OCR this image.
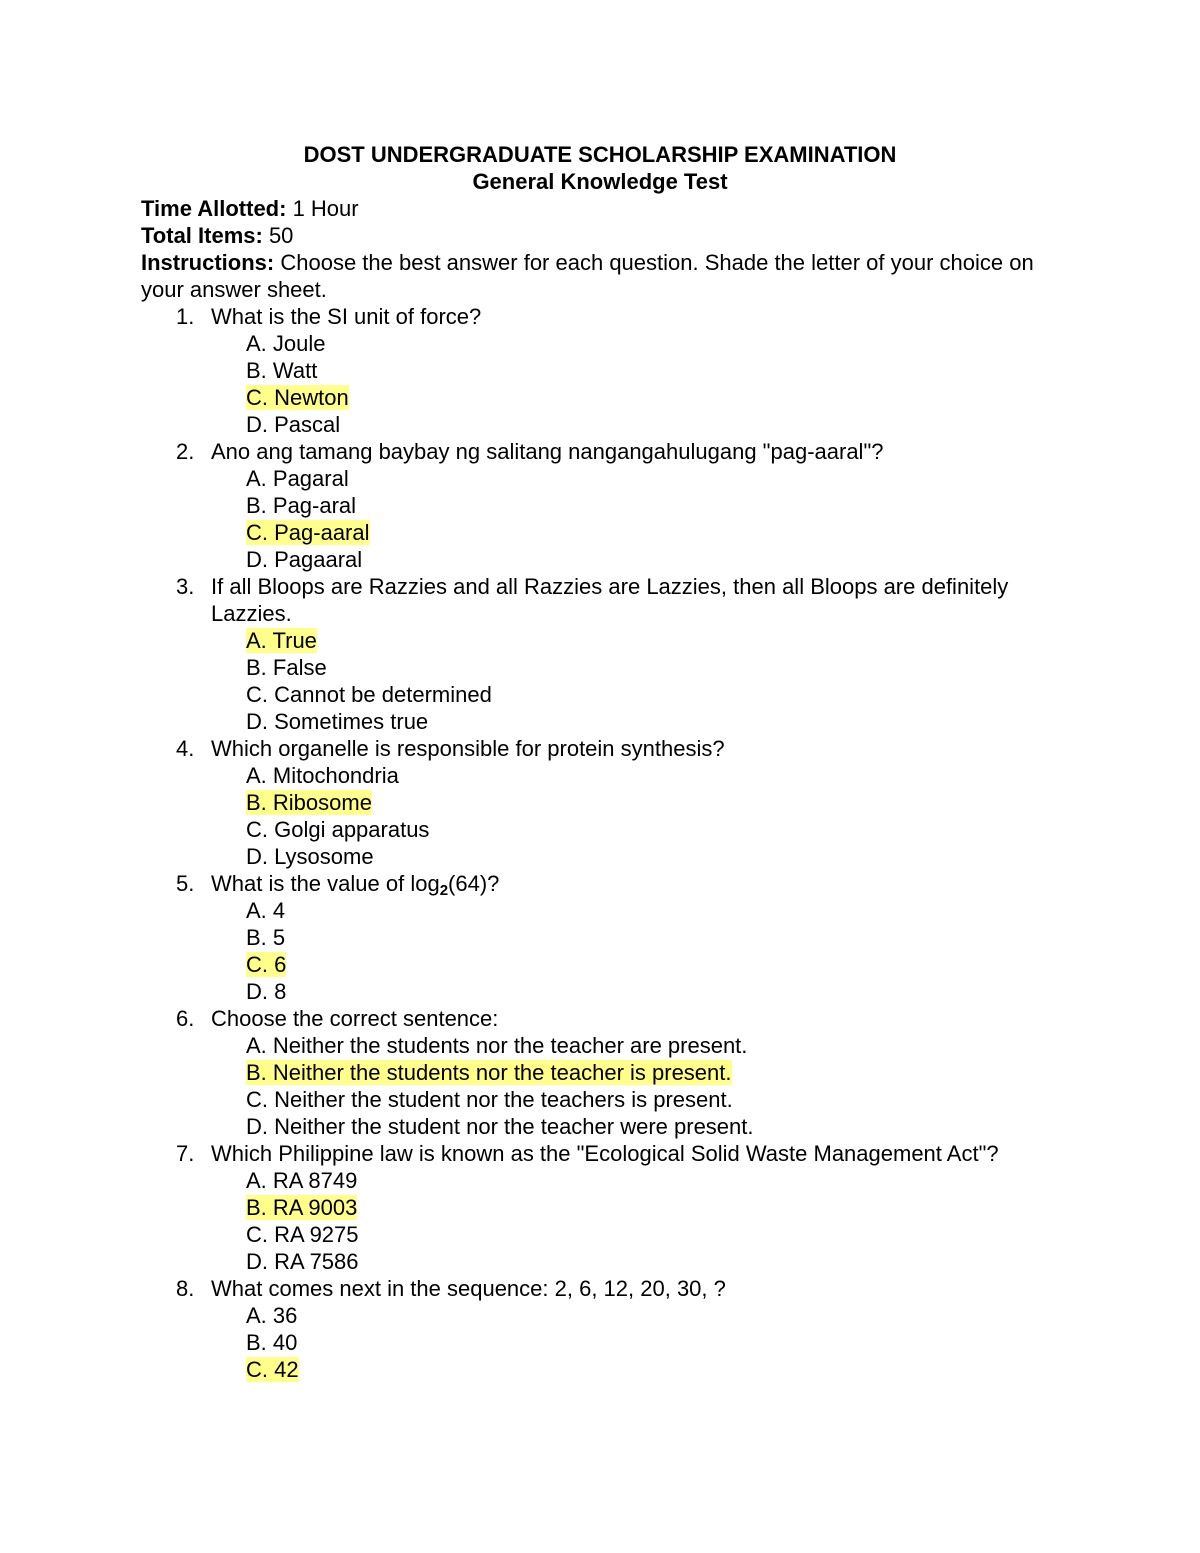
DOST UNDERGRADUATE SCHOLARSHIP EXAMINATION
General Knowledge Test

Time Allotted: 1 Hour

Total Items: 50

Instructions: Choose the best answer for each question. Shade the letter of your choice on your answer sheet.

1. What is the SI unit of force?
A. Joule
B. Watt
C. Newton
D. Pascal
2. Ano ang tamang baybay ng salitang nangangahulugang "pag-aaral"?
A. Pagaral
B. Pag-aral
C. Pag-aaral
D. Pagaaral
3. If all Bloops are Razzies and all Razzies are Lazzies, then all Bloops are definitely Lazzies.
A. True
B. False
C. Cannot be determined
D. Sometimes true
4. Which organelle is responsible for protein synthesis?
A. Mitochondria
B. Ribosome
C. Golgi apparatus
D. Lysosome
5. What is the value of $\log_2(64)$?
A. 4
B. 5
C. 6
D. 8
6. Choose the correct sentence:
A. Neither the students nor the teacher are present.
B. Neither the students nor the teacher is present.
C. Neither the student nor the teachers is present.
D. Neither the student nor the teacher were present.
7. Which Philippine law is known as the "Ecological Solid Waste Management Act"?
A. RA 8749
B. RA 9003
C. RA 9275
D. RA 7586
8. What comes next in the sequence: 2, 6, 12, 20, 30, ?
A. 36
B. 40
C. 42
